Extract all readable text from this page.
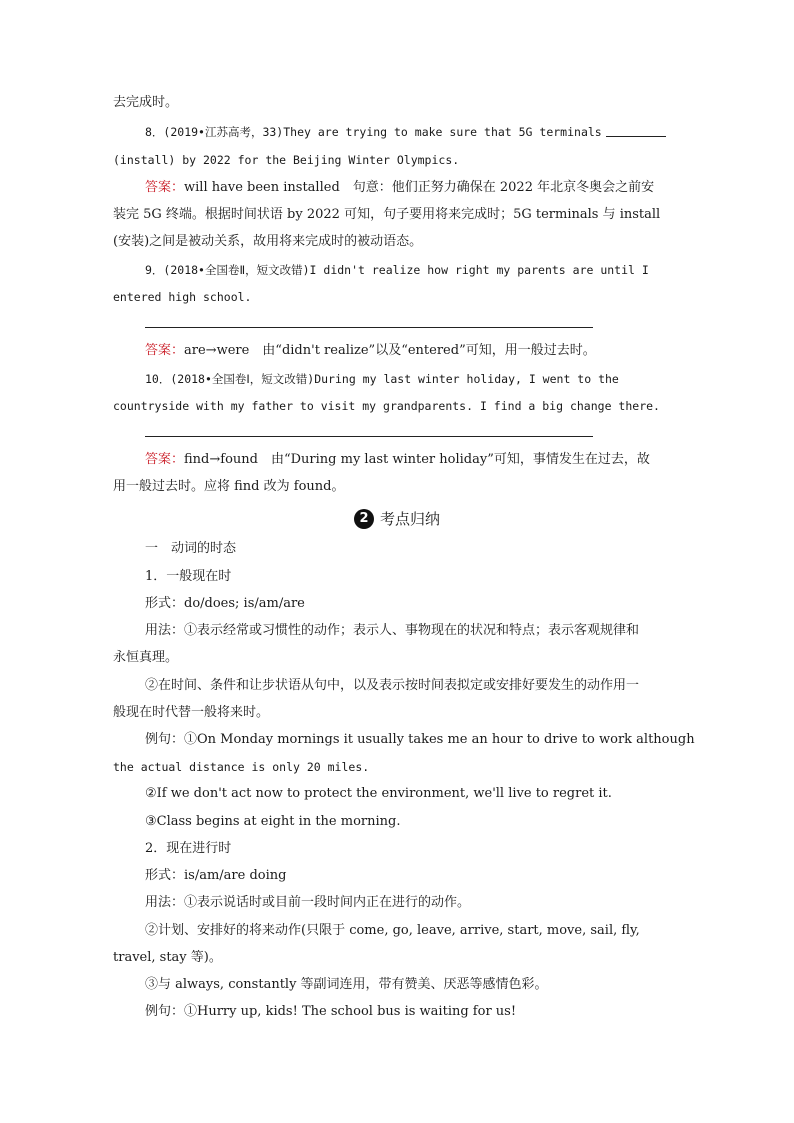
去完成时。
8．(2019•江苏高考，33)They are trying to make sure that 5G terminals
(install) by 2022 for the Beijing Winter Olympics.
答案：will have been installed　句意：他们正努力确保在 2022 年北京冬奥会之前安
装完 5G 终端。根据时间状语 by 2022 可知，句子要用将来完成时；5G terminals 与 install
(安装)之间是被动关系，故用将来完成时的被动语态。
9．(2018•全国卷Ⅱ，短文改错)I didn't realize how right my parents are until I
entered high school.
答案：are→were　由“didn't realize”以及“entered”可知，用一般过去时。
10．(2018•全国卷Ⅰ，短文改错)During my last winter holiday, I went to the
countryside with my father to visit my grandparents. I find a big change there.
答案：find→found　由“During my last winter holiday”可知，事情发生在过去，故
用一般过去时。应将 find 改为 found。
2 考点归纳
一　动词的时态
1．一般现在时
形式：do/does; is/am/are
用法：①表示经常或习惯性的动作；表示人、事物现在的状况和特点；表示客观规律和
永恒真理。
②在时间、条件和让步状语从句中，以及表示按时间表拟定或安排好要发生的动作用一
般现在时代替一般将来时。
例句：①On Monday mornings it usually takes me an hour to drive to work although
the actual distance is only 20 miles.
②If we don't act now to protect the environment, we'll live to regret it.
③Class begins at eight in the morning.
2．现在进行时
形式：is/am/are doing
用法：①表示说话时或目前一段时间内正在进行的动作。
②计划、安排好的将来动作(只限于 come, go, leave, arrive, start, move, sail, fly,
travel, stay 等)。
③与 always, constantly 等副词连用，带有赞美、厌恶等感情色彩。
例句：①Hurry up, kids! The school bus is waiting for us!
